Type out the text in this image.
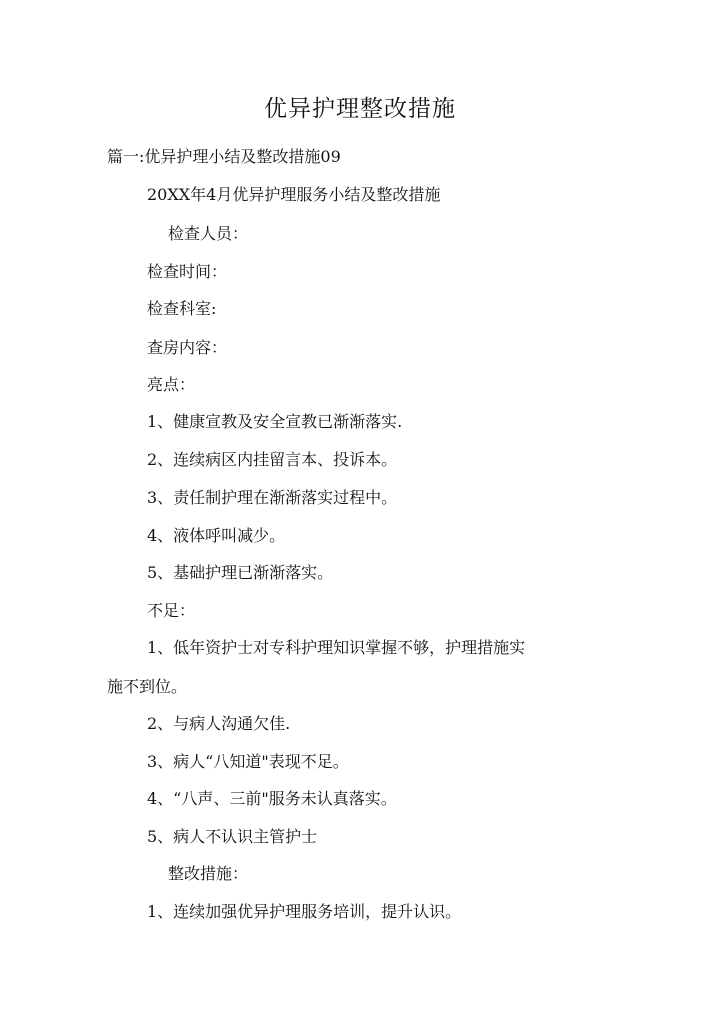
优异护理整改措施
篇一:优异护理小结及整改措施09
20XX年4月优异护理服务小结及整改措施
检查人员：
检查时间：
检查科室:
查房内容：
亮点：
1、健康宣教及安全宣教已渐渐落实.
2、连续病区内挂留言本、投诉本。
3、责任制护理在渐渐落实过程中。
4、液体呼叫减少。
5、基础护理已渐渐落实。
不足：
1、低年资护士对专科护理知识掌握不够，护理措施实
施不到位。
2、与病人沟通欠佳.
3、病人“八知道"表现不足。
4、“八声、三前"服务未认真落实。
5、病人不认识主管护士
整改措施：
1、连续加强优异护理服务培训，提升认识。
